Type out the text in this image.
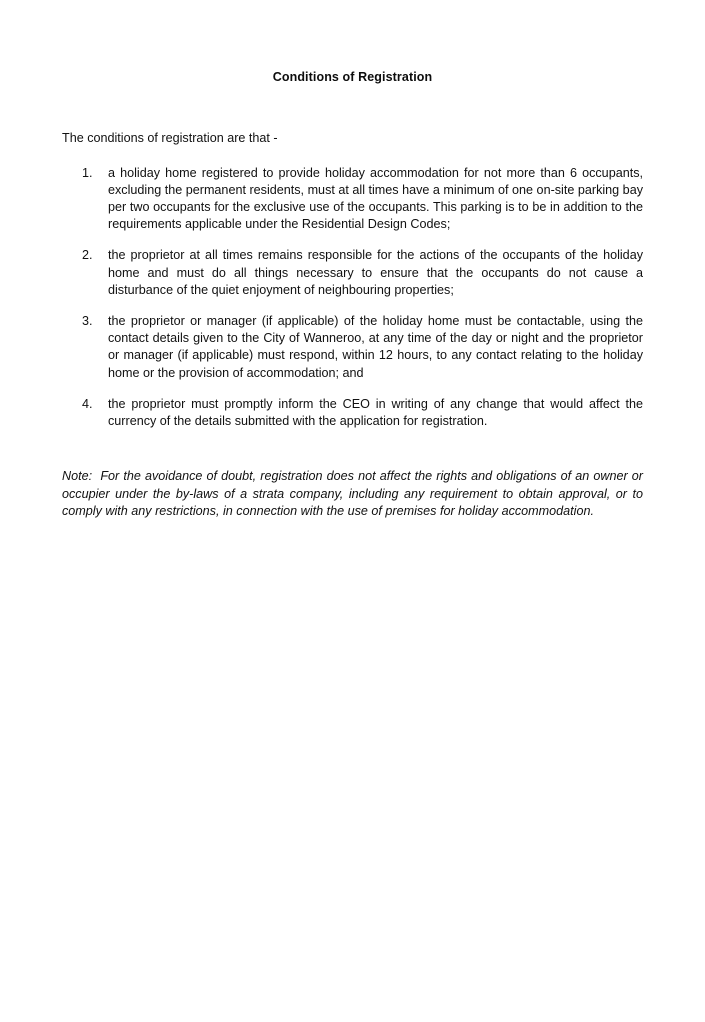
Conditions of Registration

The conditions of registration are that -

1.	a holiday home registered to provide holiday accommodation for not more than 6 occupants, excluding the permanent residents, must at all times have a minimum of one on-site parking bay per two occupants for the exclusive use of the occupants. This parking is to be in addition to the requirements applicable under the Residential Design Codes;
2.	the proprietor at all times remains responsible for the actions of the occupants of the holiday home and must do all things necessary to ensure that the occupants do not cause a disturbance of the quiet enjoyment of neighbouring properties;
3.	the proprietor or manager (if applicable) of the holiday home must be contactable, using the contact details given to the City of Wanneroo, at any time of the day or night and the proprietor or manager (if applicable) must respond, within 12 hours, to any contact relating to the holiday home or the provision of accommodation; and
4.	the proprietor must promptly inform the CEO in writing of any change that would affect the currency of the details submitted with the application for registration.

Note:  For the avoidance of doubt, registration does not affect the rights and obligations of an owner or occupier under the by-laws of a strata company, including any requirement to obtain approval, or to comply with any restrictions, in connection with the use of premises for holiday accommodation.
